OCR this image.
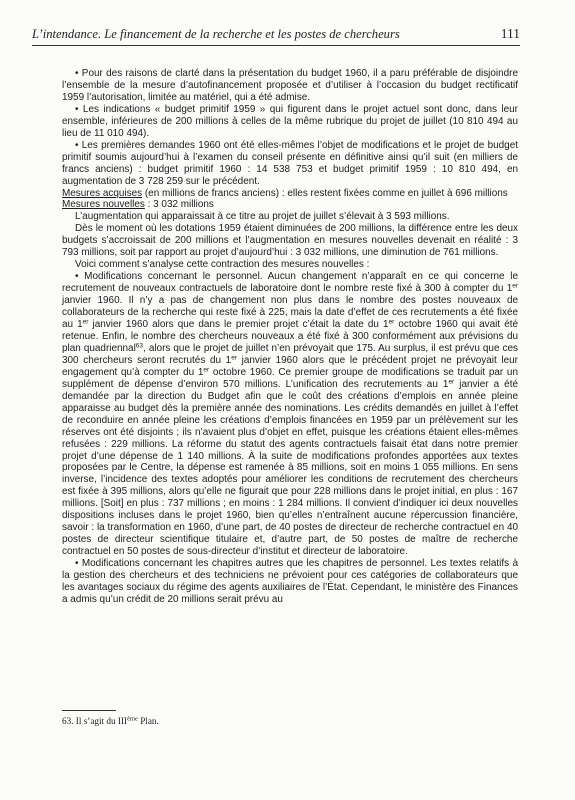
L’intendance. Le financement de la recherche et les postes de chercheurs	111

• Pour des raisons de clarté dans la présentation du budget 1960, il a paru préférable de disjoindre l’ensemble de la mesure d’autofinancement proposée et d’utiliser à l’occasion du budget rectificatif 1959 l’autorisation, limitée au matériel, qui a été admise.

• Les indications « budget primitif 1959 » qui figurent dans le projet actuel sont donc, dans leur ensemble, inférieures de 200 millions à celles de la même rubrique du projet de juillet (10 810 494 au lieu de 11 010 494).

• Les premières demandes 1960 ont été elles-mêmes l’objet de modifications et le projet de budget primitif soumis aujourd’hui à l’examen du conseil présente en définitive ainsi qu’il suit (en milliers de francs anciens) : budget primitif 1960 : 14 538 753 et budget primitif 1959 : 10 810 494, en augmentation de 3 728 259 sur le précédent.

Mesures acquises (en millions de francs anciens) : elles restent fixées comme en juillet à 696 millions

Mesures nouvelles : 3 032 millions

L’augmentation qui apparaissait à ce titre au projet de juillet s’élevait à 3 593 millions.

Dès le moment où les dotations 1959 étaient diminuées de 200 millions, la différence entre les deux budgets s’accroissait de 200 millions et l’augmentation en mesures nouvelles devenait en réalité : 3 793 millions, soit par rapport au projet d’aujourd’hui : 3 032 millions, une diminution de 761 millions.

Voici comment s’analyse cette contraction des mesures nouvelles :

• Modifications concernant le personnel. Aucun changement n’apparaît en ce qui concerne le recrutement de nouveaux contractuels de laboratoire dont le nombre reste fixé à 300 à compter du 1er janvier 1960. Il n’y a pas de changement non plus dans le nombre des postes nouveaux de collaborateurs de la recherche qui reste fixé à 225, mais la date d’effet de ces recrutements a été fixée au 1er janvier 1960 alors que dans le premier projet c’était la date du 1er octobre 1960 qui avait été retenue. Enfin, le nombre des chercheurs nouveaux a été fixé à 300 conformément aux prévisions du plan quadriennal$^{63}$, alors que le projet de juillet n’en prévoyait que 175. Au surplus, il est prévu que ces 300 chercheurs seront recrutés du 1er janvier 1960 alors que le précédent projet ne prévoyait leur engagement qu’à compter du 1er octobre 1960. Ce premier groupe de modifications se traduit par un supplément de dépense d’environ 570 millions. L’unification des recrutements au 1er janvier a été demandée par la direction du Budget afin que le coût des créations d’emplois en année pleine apparaisse au budget dès la première année des nominations. Les crédits demandés en juillet à l’effet de reconduire en année pleine les créations d’emplois financées en 1959 par un prélèvement sur les réserves ont été disjoints ; ils n’avaient plus d’objet en effet, puisque les créations étaient elles-mêmes refusées : 229 millions. La réforme du statut des agents contractuels faisait état dans notre premier projet d’une dépense de 1 140 millions. À la suite de modifications profondes apportées aux textes proposées par le Centre, la dépense est ramenée à 85 millions, soit en moins 1 055 millions. En sens inverse, l’incidence des textes adoptés pour améliorer les conditions de recrutement des chercheurs est fixée à 395 millions, alors qu’elle ne figurait que pour 228 millions dans le projet initial, en plus : 167 millions. [Soit] en plus : 737 millions ; en moins : 1 284 millions. Il convient d’indiquer ici deux nouvelles dispositions incluses dans le projet 1960, bien qu’elles n’entraînent aucune répercussion financière, savoir : la transformation en 1960, d’une part, de 40 postes de directeur de recherche contractuel en 40 postes de directeur scientifique titulaire et, d’autre part, de 50 postes de maître de recherche contractuel en 50 postes de sous-directeur d’institut et directeur de laboratoire.

• Modifications concernant les chapitres autres que les chapitres de personnel. Les textes relatifs à la gestion des chercheurs et des techniciens ne prévoient pour ces catégories de collaborateurs que les avantages sociaux du régime des agents auxiliaires de l’État. Cependant, le ministère des Finances a admis qu’un crédit de 20 millions serait prévu au

63. Il s’agit du IIIème Plan.
